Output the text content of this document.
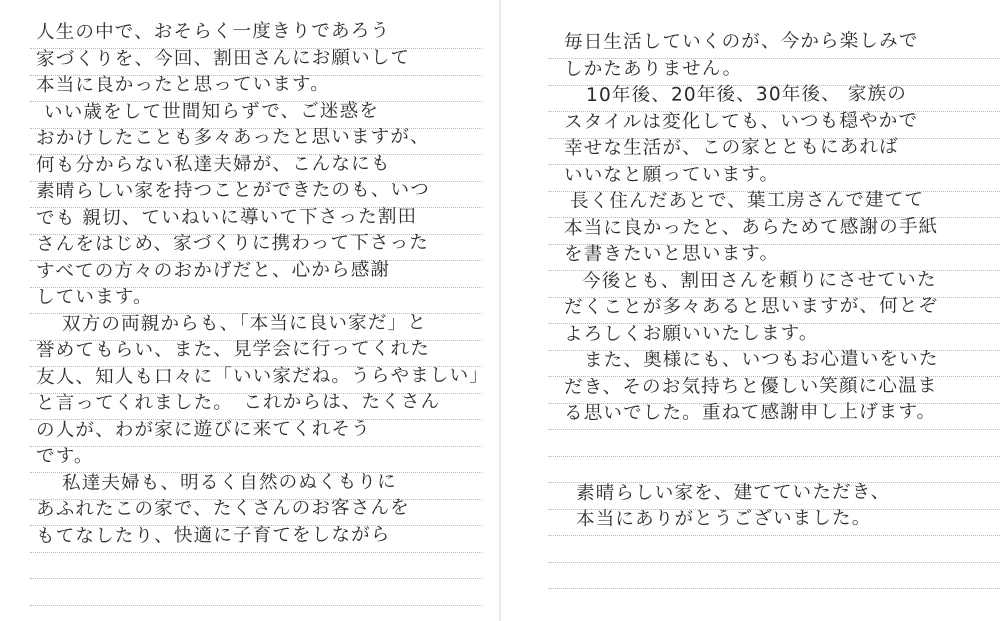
人生の中で、おそらく一度きりであろう
家づくりを、今回、割田さんにお願いして
本当に良かったと思っています。
いい歳をして世間知らずで、ご迷惑を
おかけしたことも多々あったと思いますが、
何も分からない私達夫婦が、こんなにも
素晴らしい家を持つことができたのも、いつ
でも 親切、ていねいに導いて下さった割田
さんをはじめ、家づくりに携わって下さった
すべての方々のおかげだと、心から感謝
しています。
双方の両親からも、「本当に良い家だ」と
誉めてもらい、また、見学会に行ってくれた
友人、知人も口々に「いい家だね。うらやましい」
と言ってくれました。　これからは、たくさん
の人が、わが家に遊びに来てくれそう
です。
私達夫婦も、明るく自然のぬくもりに
あふれたこの家で、たくさんのお客さんを
もてなしたり、快適に子育てをしながら
毎日生活していくのが、今から楽しみで
しかたありません。
10年後、20年後、30年後、 家族の
スタイルは変化しても、いつも穏やかで
幸せな生活が、この家とともにあれば
いいなと願っています。
長く住んだあとで、葉工房さんで建てて
本当に良かったと、あらためて感謝の手紙
を書きたいと思います。
今後とも、割田さんを頼りにさせていた
だくことが多々あると思いますが、何とぞ
よろしくお願いいたします。
また、奥様にも、いつもお心遣いをいた
だき、そのお気持ちと優しい笑顔に心温ま
る思いでした。重ねて感謝申し上げます。
素晴らしい家を、建てていただき、
本当にありがとうございました。
